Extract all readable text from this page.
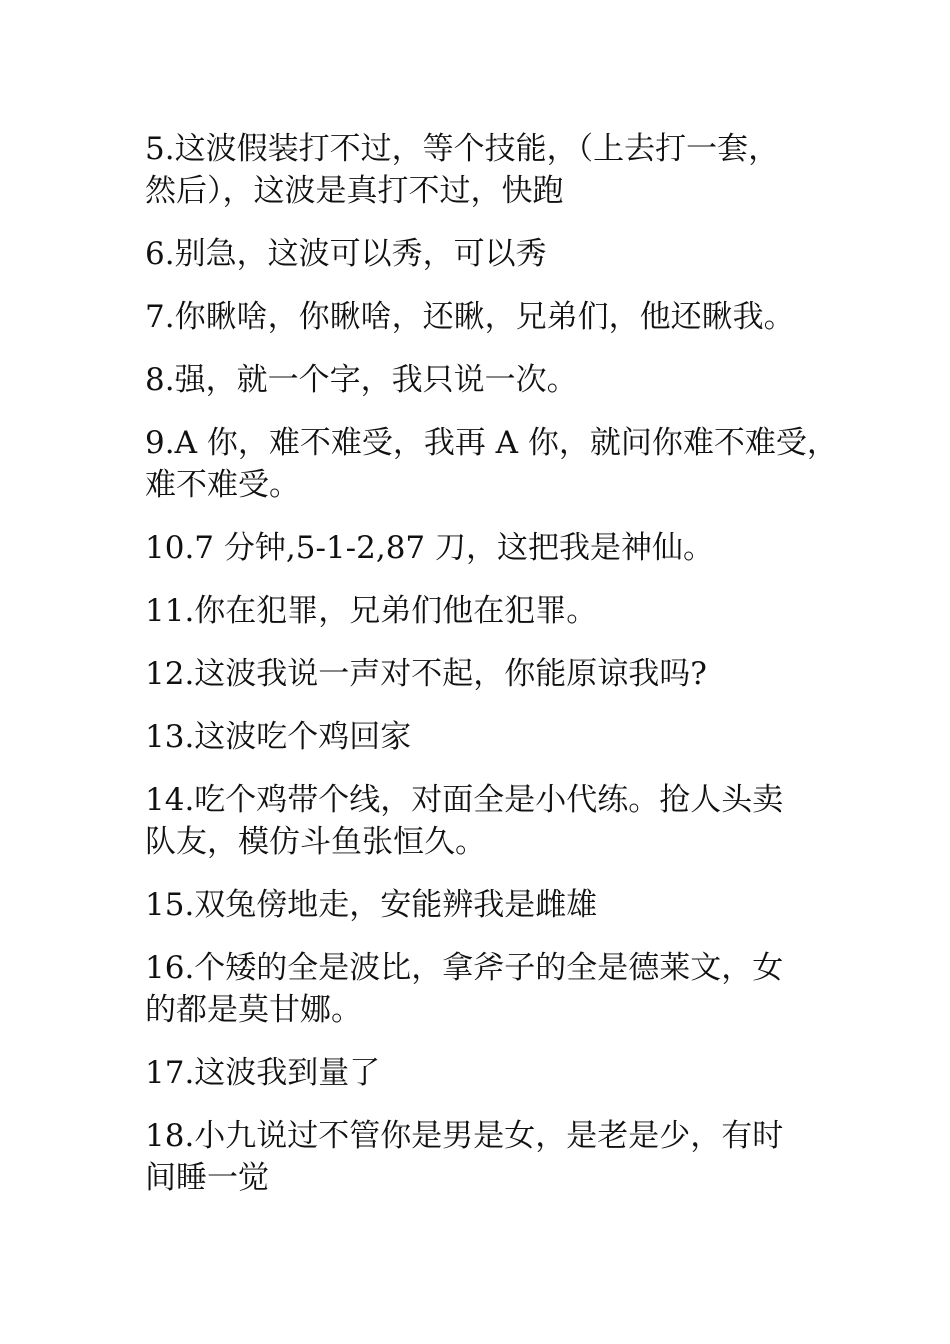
5.这波假装打不过，等个技能，（上去打一套，
然后），这波是真打不过，快跑

6.别急，这波可以秀，可以秀

7.你瞅啥，你瞅啥，还瞅，兄弟们，他还瞅我。

8.强，就一个字，我只说一次。

9.A 你，难不难受，我再 A 你，就问你难不难受，
难不难受。

10.7 分钟,5-1-2,87 刀，这把我是神仙。

11.你在犯罪，兄弟们他在犯罪。

12.这波我说一声对不起，你能原谅我吗?

13.这波吃个鸡回家

14.吃个鸡带个线，对面全是小代练。抢人头卖
队友，模仿斗鱼张恒久。

15.双兔傍地走，安能辨我是雌雄

16.个矮的全是波比，拿斧子的全是德莱文，女
的都是莫甘娜。

17.这波我到量了

18.小九说过不管你是男是女，是老是少，有时
间睡一觉
